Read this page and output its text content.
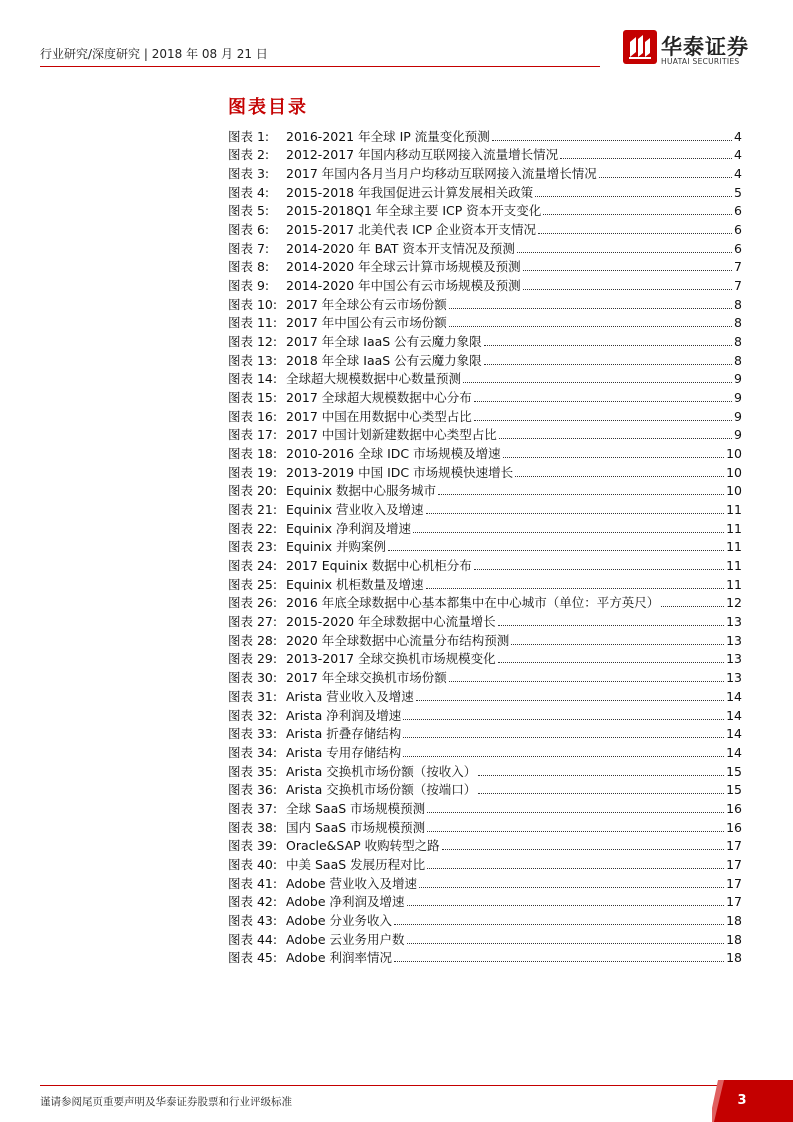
行业研究/深度研究 | 2018 年 08 月 21 日	华泰证券
HUATAI SECURITIES
图表目录
图表 1:	2016-2021 年全球 IP 流量变化预测	4
图表 2:	2012-2017 年国内移动互联网接入流量增长情况	4
图表 3:	2017 年国内各月当月户均移动互联网接入流量增长情况	4
图表 4:	2015-2018 年我国促进云计算发展相关政策	5
图表 5:	2015-2018Q1 年全球主要 ICP 资本开支变化	6
图表 6:	2015-2017 北美代表 ICP 企业资本开支情况	6
图表 7:	2014-2020 年 BAT 资本开支情况及预测	6
图表 8:	2014-2020 年全球云计算市场规模及预测	7
图表 9:	2014-2020 年中国公有云市场规模及预测	7
图表 10: 2017 年全球公有云市场份额	8
图表 11: 2017 年中国公有云市场份额	8
图表 12: 2017 年全球 IaaS 公有云魔力象限	8
图表 13: 2018 年全球 IaaS 公有云魔力象限	8
图表 14: 全球超大规模数据中心数量预测	9
图表 15: 2017 全球超大规模数据中心分布	9
图表 16: 2017 中国在用数据中心类型占比	9
图表 17: 2017 中国计划新建数据中心类型占比	9
图表 18: 2010-2016 全球 IDC 市场规模及增速	10
图表 19: 2013-2019 中国 IDC 市场规模快速增长	10
图表 20: Equinix 数据中心服务城市	10
图表 21: Equinix 营业收入及增速	11
图表 22: Equinix 净利润及增速	11
图表 23: Equinix 并购案例	11
图表 24: 2017 Equinix 数据中心机柜分布	11
图表 25: Equinix 机柜数量及增速	11
图表 26: 2016 年底全球数据中心基本都集中在中心城市（单位：平方英尺）	12
图表 27: 2015-2020 年全球数据中心流量增长	13
图表 28: 2020 年全球数据中心流量分布结构预测	13
图表 29: 2013-2017 全球交换机市场规模变化	13
图表 30: 2017 年全球交换机市场份额	13
图表 31: Arista 营业收入及增速	14
图表 32: Arista 净利润及增速	14
图表 33: Arista 折叠存储结构	14
图表 34: Arista 专用存储结构	14
图表 35: Arista 交换机市场份额（按收入）	15
图表 36: Arista 交换机市场份额（按端口）	15
图表 37: 全球 SaaS 市场规模预测	16
图表 38: 国内 SaaS 市场规模预测	16
图表 39: Oracle&SAP 收购转型之路	17
图表 40: 中美 SaaS 发展历程对比	17
图表 41: Adobe 营业收入及增速	17
图表 42: Adobe 净利润及增速	17
图表 43: Adobe 分业务收入	18
图表 44: Adobe 云业务用户数	18
图表 45: Adobe 利润率情况	18
谨请参阅尾页重要声明及华泰证券股票和行业评级标准	3
